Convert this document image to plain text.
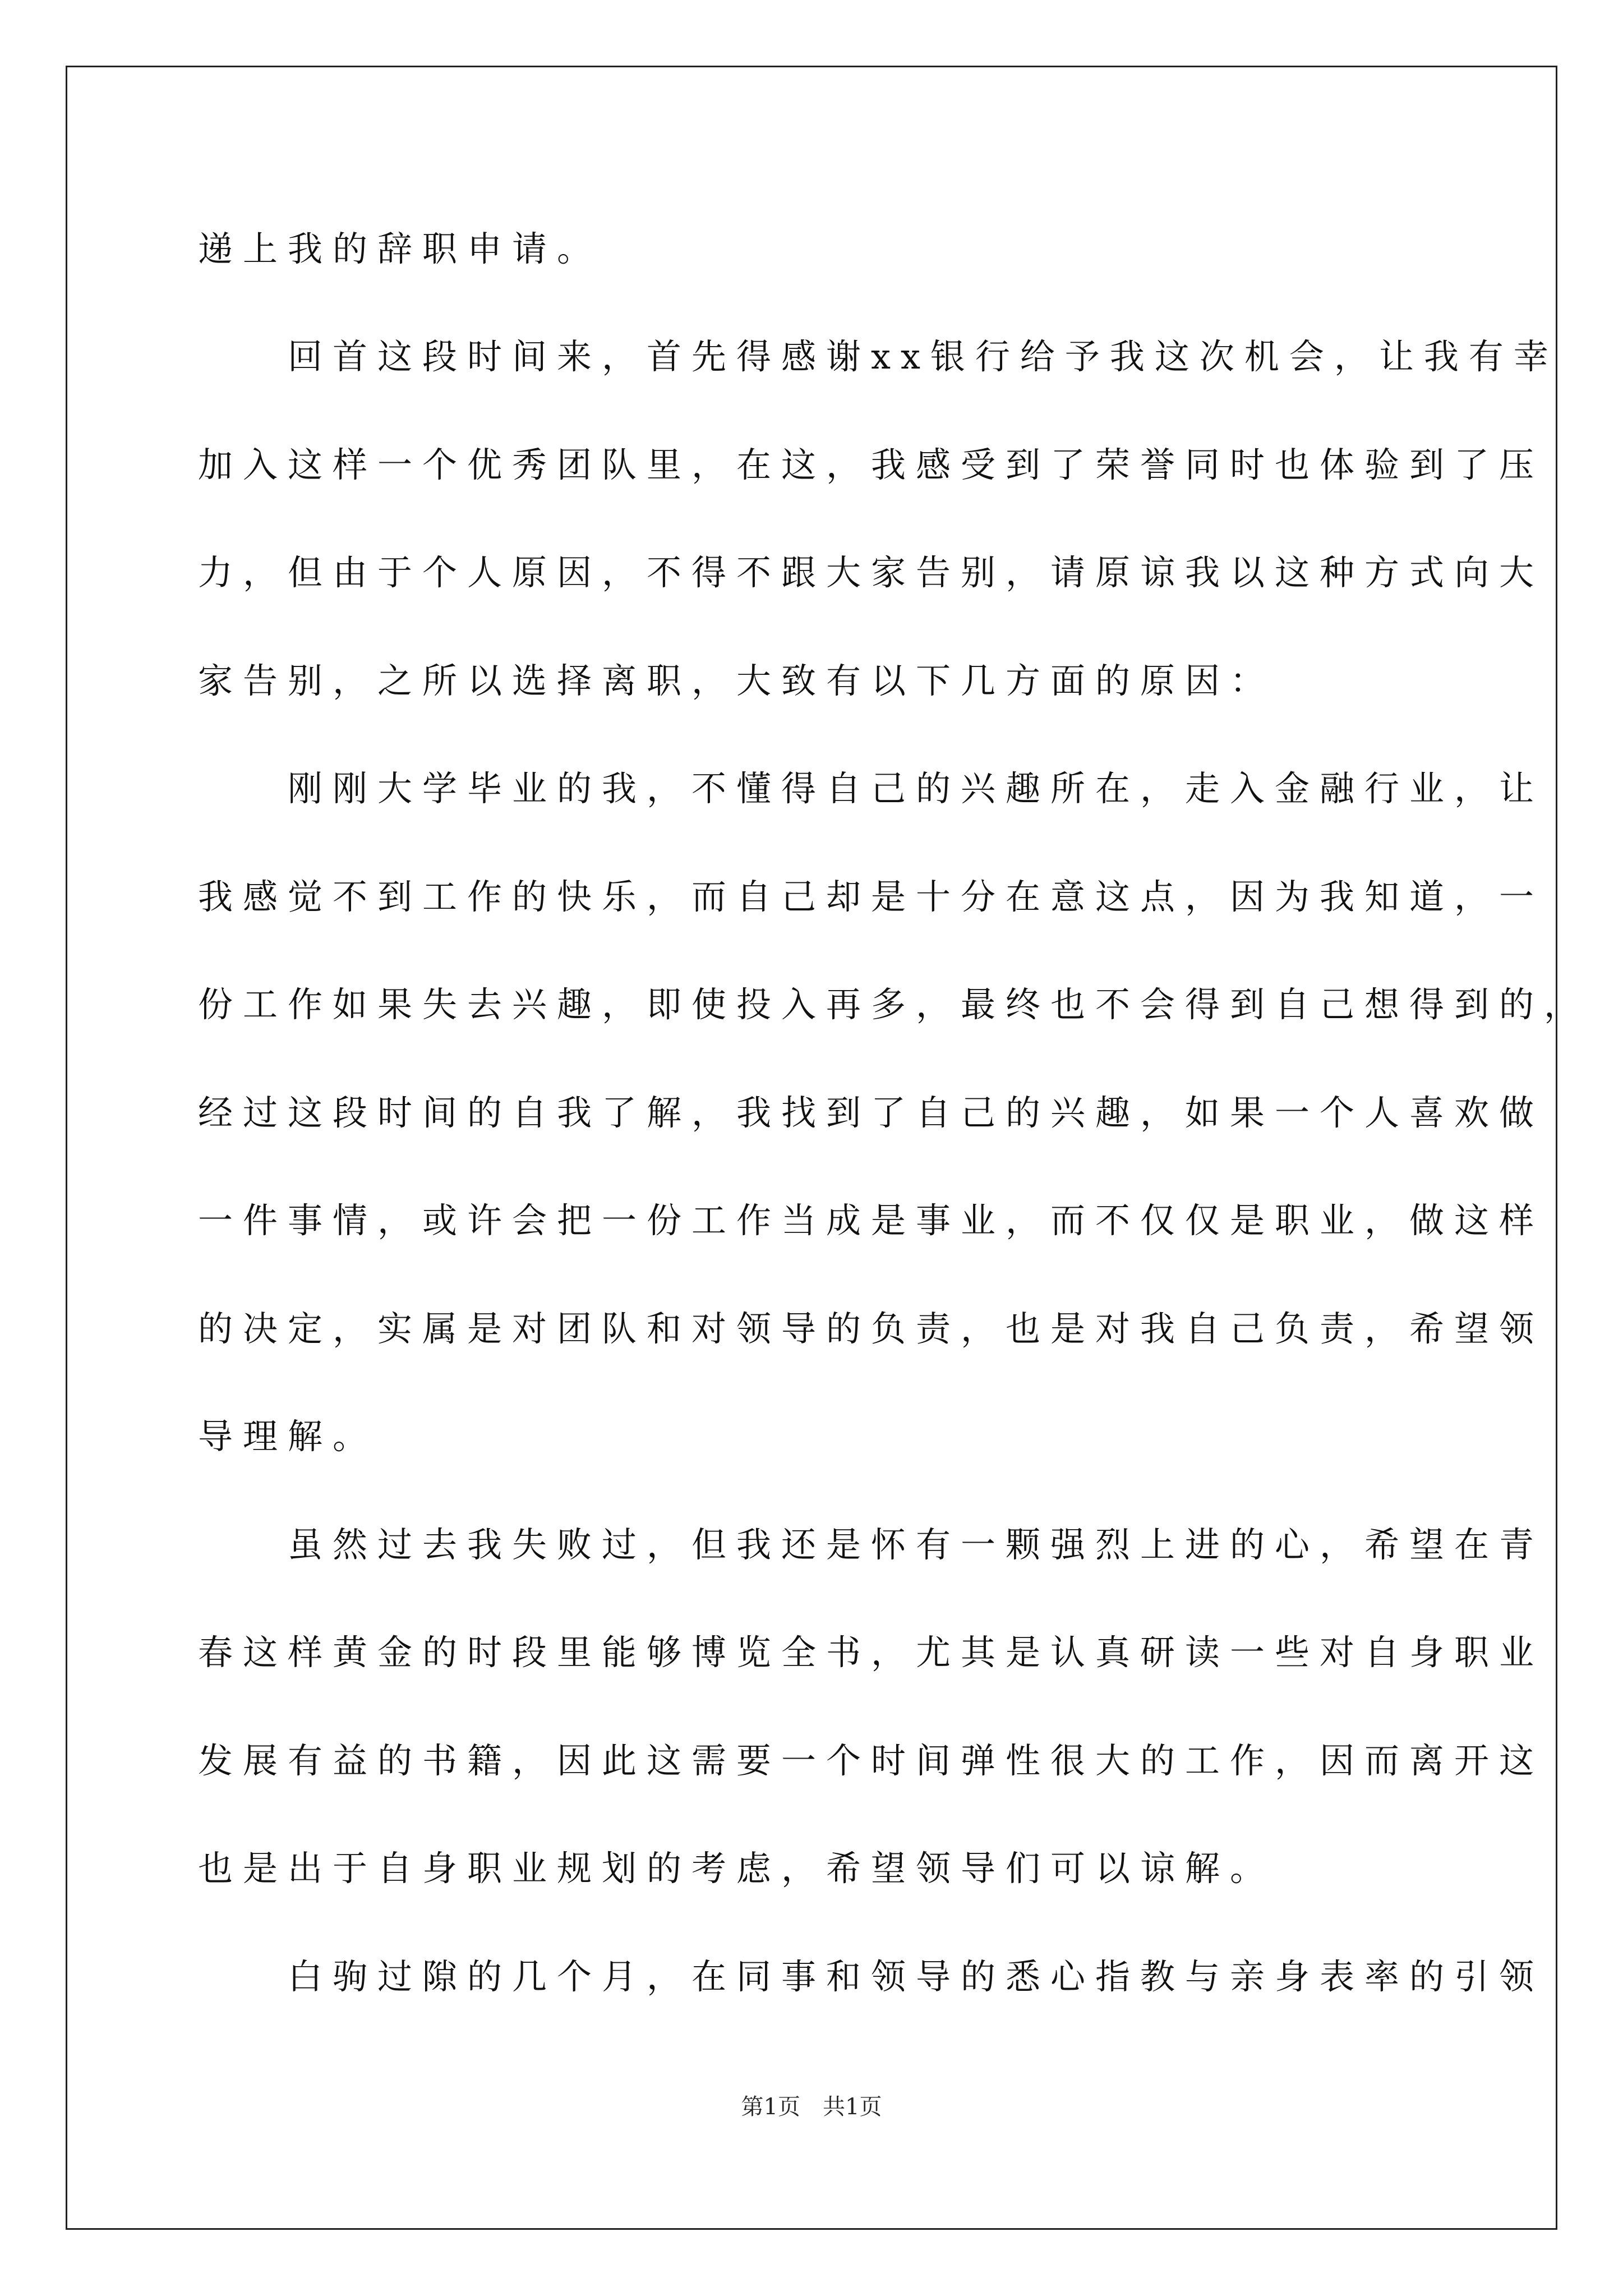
递上我的辞职申请。
　　回首这段时间来，首先得感谢xx银行给予我这次机会，让我有幸
加入这样一个优秀团队里，在这，我感受到了荣誉同时也体验到了压
力，但由于个人原因，不得不跟大家告别，请原谅我以这种方式向大
家告别，之所以选择离职，大致有以下几方面的原因：
　　刚刚大学毕业的我，不懂得自己的兴趣所在，走入金融行业，让
我感觉不到工作的快乐，而自己却是十分在意这点，因为我知道，一
份工作如果失去兴趣，即使投入再多，最终也不会得到自己想得到的，
经过这段时间的自我了解，我找到了自己的兴趣，如果一个人喜欢做
一件事情，或许会把一份工作当成是事业，而不仅仅是职业，做这样
的决定，实属是对团队和对领导的负责，也是对我自己负责，希望领
导理解。
　　虽然过去我失败过，但我还是怀有一颗强烈上进的心，希望在青
春这样黄金的时段里能够博览全书，尤其是认真研读一些对自身职业
发展有益的书籍，因此这需要一个时间弹性很大的工作，因而离开这
也是出于自身职业规划的考虑，希望领导们可以谅解。
　　白驹过隙的几个月，在同事和领导的悉心指教与亲身表率的引领
第1页　共1页
